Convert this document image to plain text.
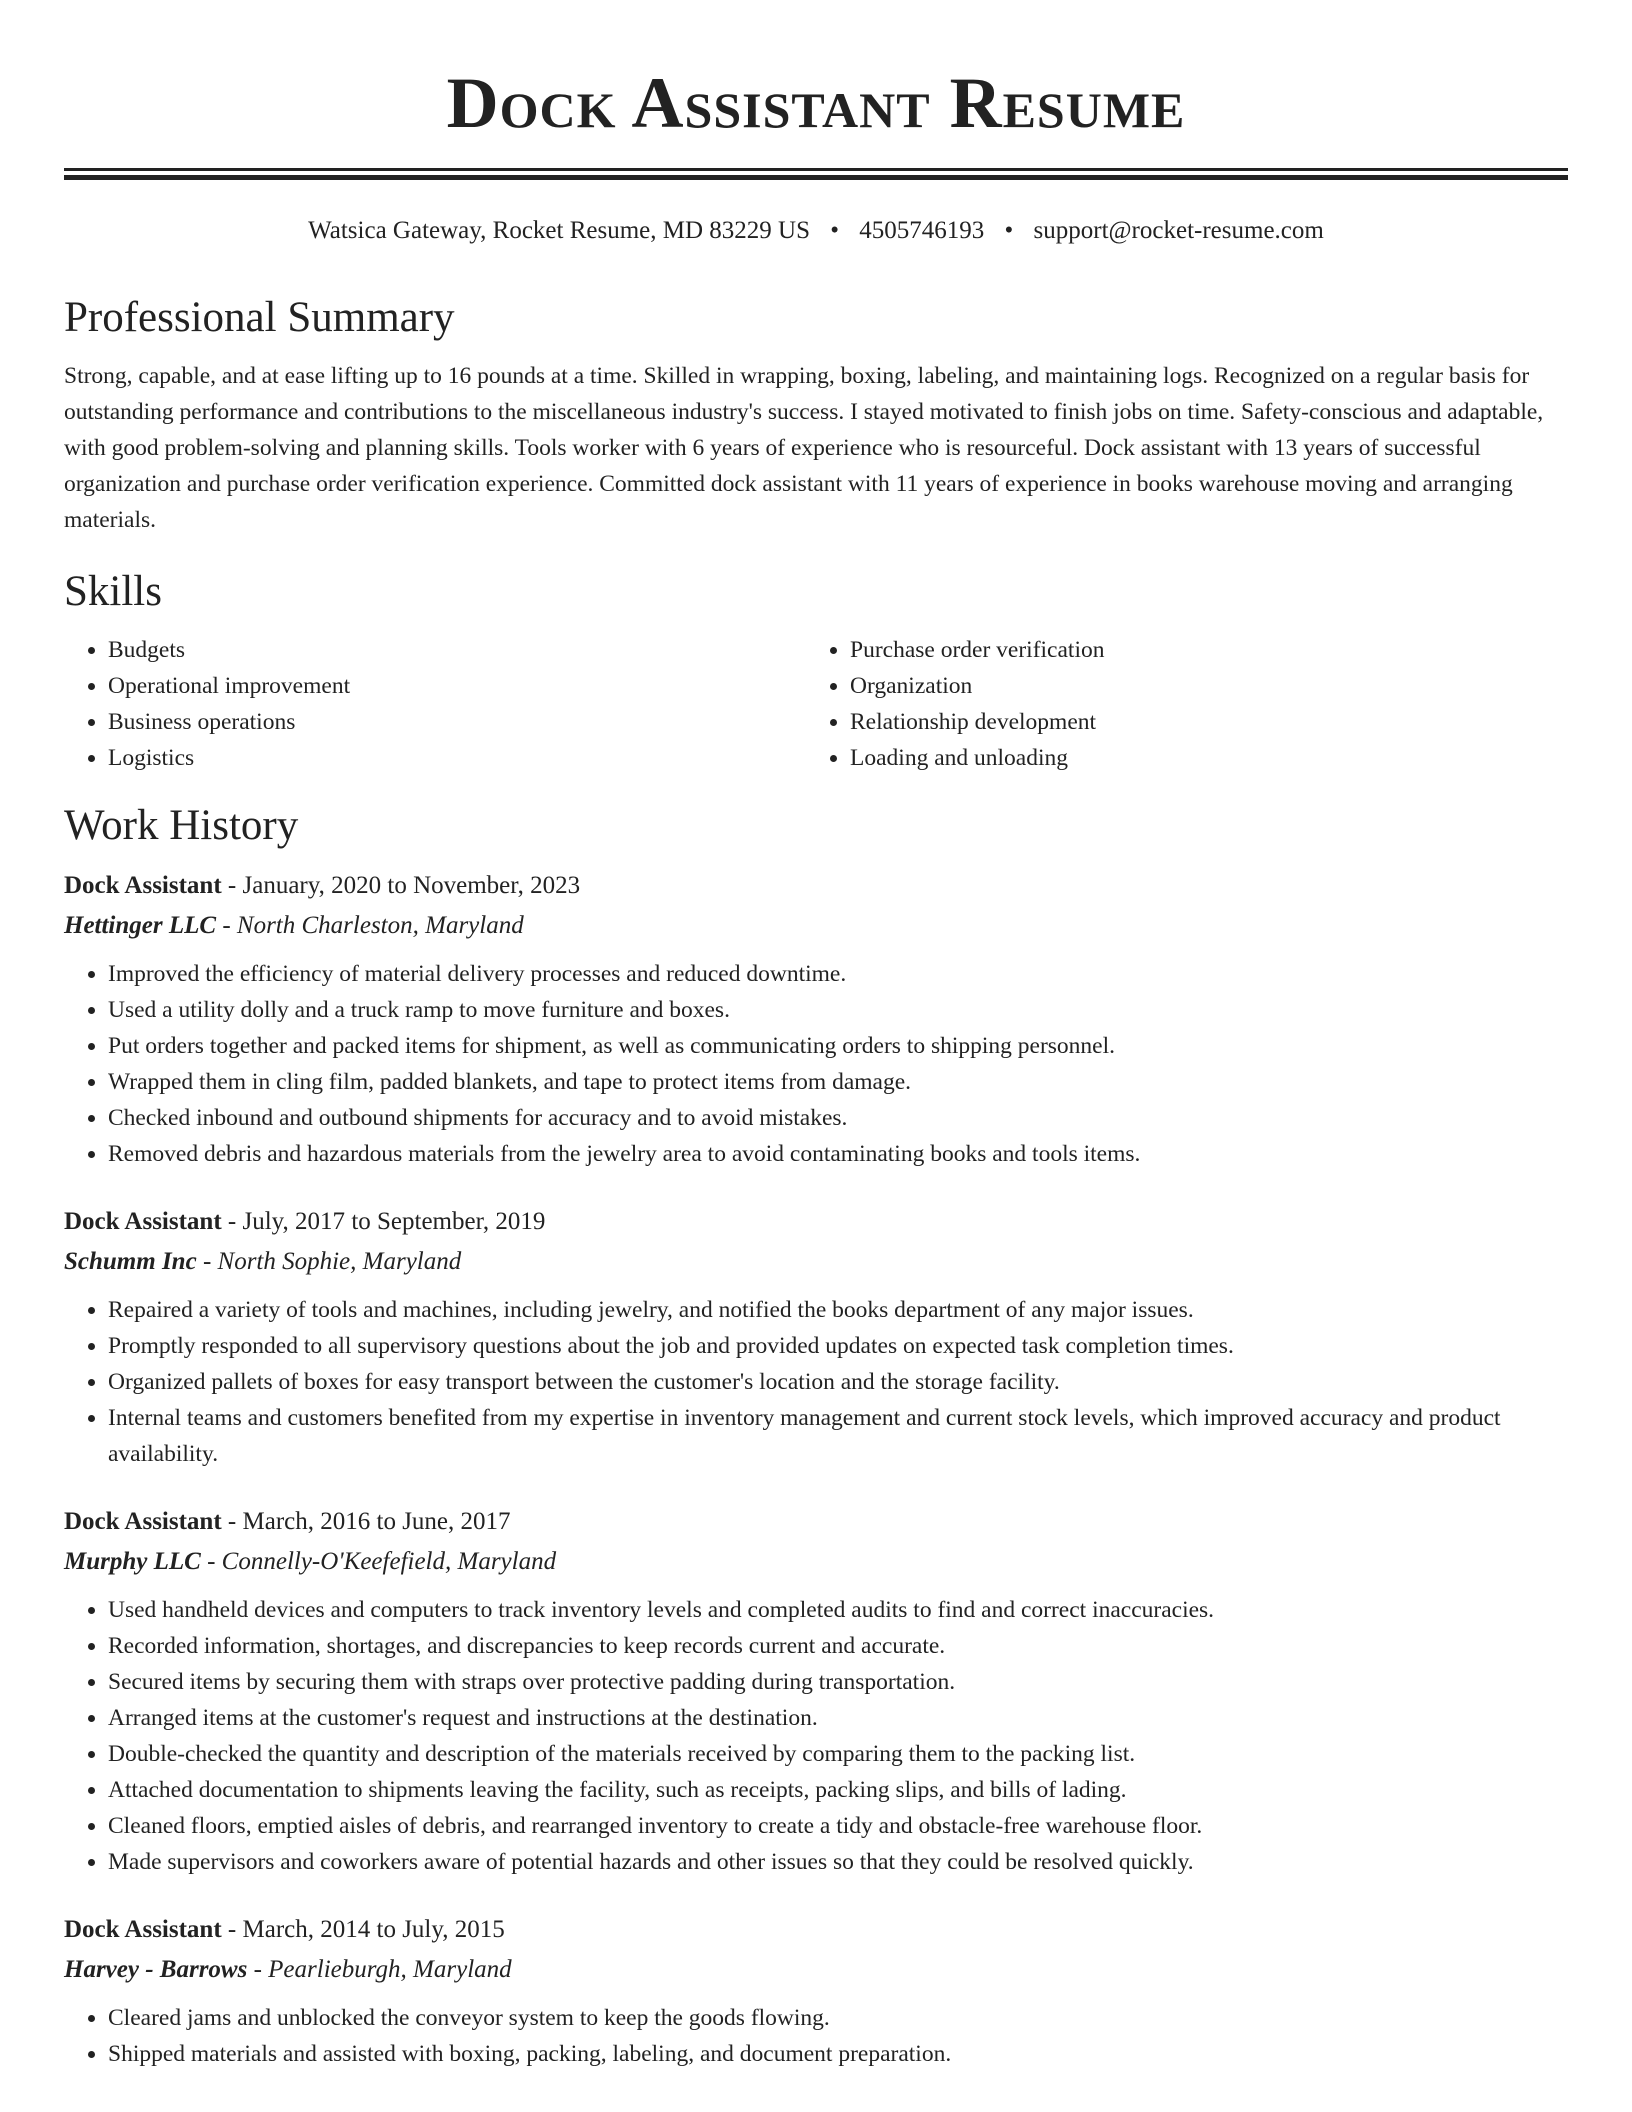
Dock Assistant Resume
Watsica Gateway, Rocket Resume, MD 83229 US • 4505746193 • support@rocket-resume.com
Professional Summary

Strong, capable, and at ease lifting up to 16 pounds at a time. Skilled in wrapping, boxing, labeling, and maintaining logs. Recognized on a regular basis for outstanding performance and contributions to the miscellaneous industry's success. I stayed motivated to finish jobs on time. Safety-conscious and adaptable, with good problem-solving and planning skills. Tools worker with 6 years of experience who is resourceful. Dock assistant with 13 years of successful organization and purchase order verification experience. Committed dock assistant with 11 years of experience in books warehouse moving and arranging materials.

Skills
• Budgets
• Operational improvement
• Business operations
• Logistics
• Purchase order verification
• Organization
• Relationship development
• Loading and unloading
Work History
Dock Assistant - January, 2020 to November, 2023
Hettinger LLC - North Charleston, Maryland
• Improved the efficiency of material delivery processes and reduced downtime.
• Used a utility dolly and a truck ramp to move furniture and boxes.
• Put orders together and packed items for shipment, as well as communicating orders to shipping personnel.
• Wrapped them in cling film, padded blankets, and tape to protect items from damage.
• Checked inbound and outbound shipments for accuracy and to avoid mistakes.
• Removed debris and hazardous materials from the jewelry area to avoid contaminating books and tools items.
Dock Assistant - July, 2017 to September, 2019
Schumm Inc - North Sophie, Maryland
• Repaired a variety of tools and machines, including jewelry, and notified the books department of any major issues.
• Promptly responded to all supervisory questions about the job and provided updates on expected task completion times.
• Organized pallets of boxes for easy transport between the customer's location and the storage facility.
• Internal teams and customers benefited from my expertise in inventory management and current stock levels, which improved accuracy and product availability.
Dock Assistant - March, 2016 to June, 2017
Murphy LLC - Connelly-O'Keefefield, Maryland
• Used handheld devices and computers to track inventory levels and completed audits to find and correct inaccuracies.
• Recorded information, shortages, and discrepancies to keep records current and accurate.
• Secured items by securing them with straps over protective padding during transportation.
• Arranged items at the customer's request and instructions at the destination.
• Double-checked the quantity and description of the materials received by comparing them to the packing list.
• Attached documentation to shipments leaving the facility, such as receipts, packing slips, and bills of lading.
• Cleaned floors, emptied aisles of debris, and rearranged inventory to create a tidy and obstacle-free warehouse floor.
• Made supervisors and coworkers aware of potential hazards and other issues so that they could be resolved quickly.
Dock Assistant - March, 2014 to July, 2015
Harvey - Barrows - Pearlieburgh, Maryland
• Cleared jams and unblocked the conveyor system to keep the goods flowing.
• Shipped materials and assisted with boxing, packing, labeling, and document preparation.
